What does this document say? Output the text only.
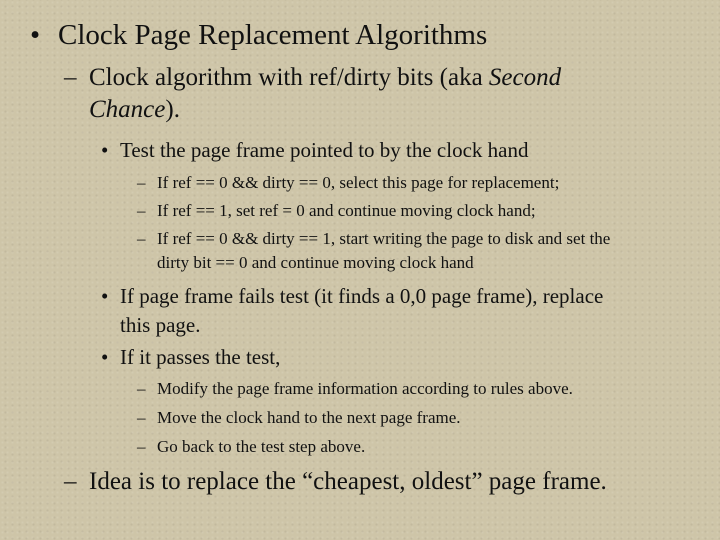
• Clock Page Replacement Algorithms
– Clock algorithm with ref/dirty bits (aka Second
Chance).
• Test the page frame pointed to by the clock hand
– If ref == 0 && dirty == 0, select this page for replacement;
– If ref == 1, set ref = 0 and continue moving clock hand;
– If ref == 0 && dirty == 1, start writing the page to disk and set the
dirty bit == 0 and continue moving clock hand
• If page frame fails test (it finds a 0,0 page frame), replace
this page.
• If it passes the test,
– Modify the page frame information according to rules above.
– Move the clock hand to the next page frame.
– Go back to the test step above.
– Idea is to replace the “cheapest, oldest” page frame.
